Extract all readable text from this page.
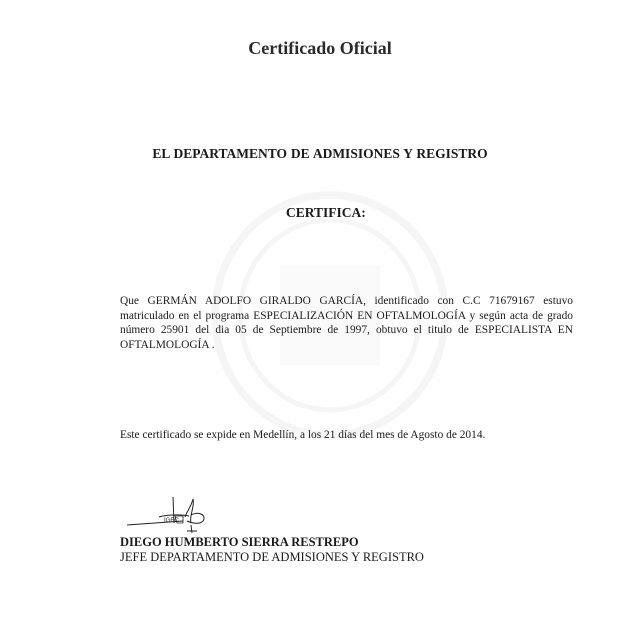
Certificado Oficial
EL DEPARTAMENTO DE ADMISIONES Y REGISTRO
CERTIFICA:
Que GERMÁN ADOLFO GIRALDO GARCÍA, identificado con C.C 71679167 estuvo matriculado en el programa ESPECIALIZACIÓN EN OFTALMOLOGÍA y según acta de grado número 25901 del dia 05 de Septiembre de 1997, obtuvo el titulo de ESPECIALISTA EN OFTALMOLOGÍA .
Este certificado se expide en Medellín, a los 21 días del mes de Agosto de 2014.
IGEC
DIEGO HUMBERTO SIERRA RESTREPO
JEFE DEPARTAMENTO DE ADMISIONES Y REGISTRO
